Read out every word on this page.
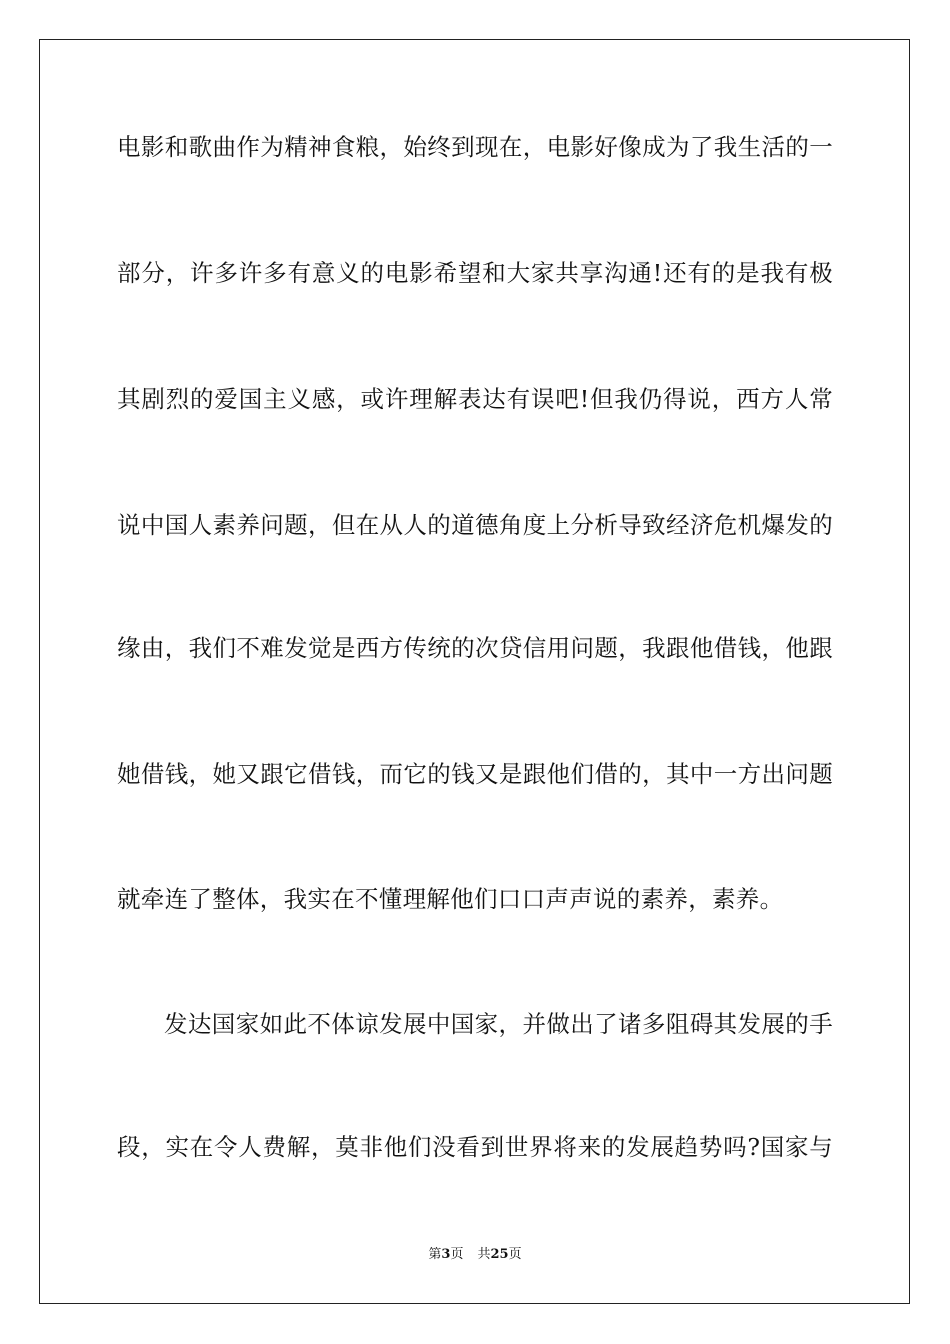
电影和歌曲作为精神食粮，始终到现在，电影好像成为了我生活的一
部分，许多许多有意义的电影希望和大家共享沟通!还有的是我有极
其剧烈的爱国主义感，或许理解表达有误吧!但我仍得说，西方人常
说中国人素养问题，但在从人的道德角度上分析导致经济危机爆发的
缘由，我们不难发觉是西方传统的次贷信用问题，我跟他借钱，他跟
她借钱，她又跟它借钱，而它的钱又是跟他们借的，其中一方出问题
就牵连了整体，我实在不懂理解他们口口声声说的素养，素养。
发达国家如此不体谅发展中国家，并做出了诸多阻碍其发展的手
段，实在令人费解，莫非他们没看到世界将来的发展趋势吗?国家与
第3页 共25页
